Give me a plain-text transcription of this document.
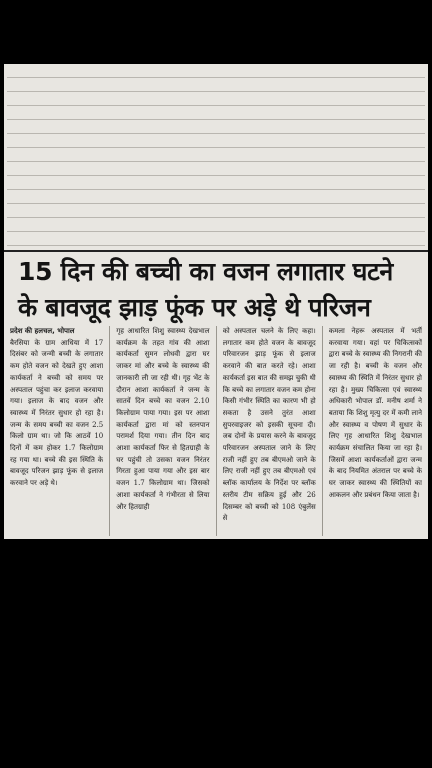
15 दिन की बच्ची का वजन लगातार घटने
के बावजूद झाड़ फूंक पर अड़े थे परिजन

प्रदेश की हलचल, भोपाल
बैरसिया के ग्राम आधिया में 17 दिसंबर को जन्मी बच्ची के लगातार कम होते वजन को देखते हुए आशा कार्यकर्ता ने बच्ची को समय पर अस्पताल पहुंचा कर इलाज करवाया गया। इलाज के बाद वजन और स्वास्थ्य में निरंतर सुधार हो रहा है। जन्म के समय बच्ची का वजन 2.5 किलो ग्राम था। जो कि आठवें 10 दिनों में कम होकर 1.7 किलोग्राम रह गया था। बच्चे की इस स्थिति के बावजूद परिजन झाड़ फूंक से इलाज करवाने पर अड़े थे।

गृह आधारित शिशु स्वास्थ्य देखभाल कार्यक्रम के तहत गांव की आशा कार्यकर्ता सुमन लोधवी द्वारा घर जाकर मां और बच्चे के स्वास्थ्य की जानकारी ली जा रही थी। गृह भेंट के दौरान आशा कार्यकर्ता ने जन्म के सातवें दिन बच्चे का वजन 2.10 किलोग्राम पाया गया। इस पर आशा कार्यकर्ता द्वारा मां को स्तनपान परामर्श दिया गया। तीन दिन बाद आशा कार्यकर्ता फिर से हितग्राही के घर पहुंची तो उसका वजन निरंतर गिरता हुआ पाया गया और इस बार वजन 1.7 किलोग्राम था। जिसको आशा कार्यकर्ता ने गंभीरता से लिया और हितग्राही

को अस्पताल चलने के लिए कहा। लगातार कम होते वजन के बावजूद परिवारजन झाड़ फूंक से इलाज करवाने की बात करते रहे। आशा कार्यकर्ता इस बात की समझ चुकी थी कि बच्चे का लगातार वजन कम होना किसी गंभीर स्थिति का कारण भी हो सकता है उसने तुरंत आशा सुपरवाइजर को इसकी सूचना दी। जब दोनों के प्रयास करने के बावजूद परिवारजन अस्पताल जाने के लिए राजी नहीं हुए तब बीएमओ जाने के लिए राजी नहीं हुए तब बीएमओ एवं ब्लॉक कार्यालय के निर्देश पर ब्लॉक स्तरीय टीम सक्रिय हुई और 26 दिसम्बर को बच्ची को 108 एंबुलेंस से

कमला नेहरू अस्पताल में भर्ती करवाया गया। वहां पर चिकित्सकों द्वारा बच्चे के स्वास्थ्य की निगरानी की जा रही है। बच्ची के वजन और स्वास्थ्य की स्थिति में निरंतर सुधार हो रहा है। मुख्य चिकित्सा एवं स्वास्थ्य अधिकारी भोपाल डॉ. मनीष शर्मा ने बताया कि शिशु मृत्यु दर में कमी लाने और स्वास्थ्य व पोषण में सुधार के लिए गृह आधारित शिशु देखभाल कार्यक्रम संचालित किया जा रहा है। जिसमें आशा कार्यकर्ताओं द्वारा जन्म के बाद नियमित अंतराल पर बच्चे के घर जाकर स्वास्थ्य की स्थितियों का आकलन और प्रबंधन किया जाता है।
